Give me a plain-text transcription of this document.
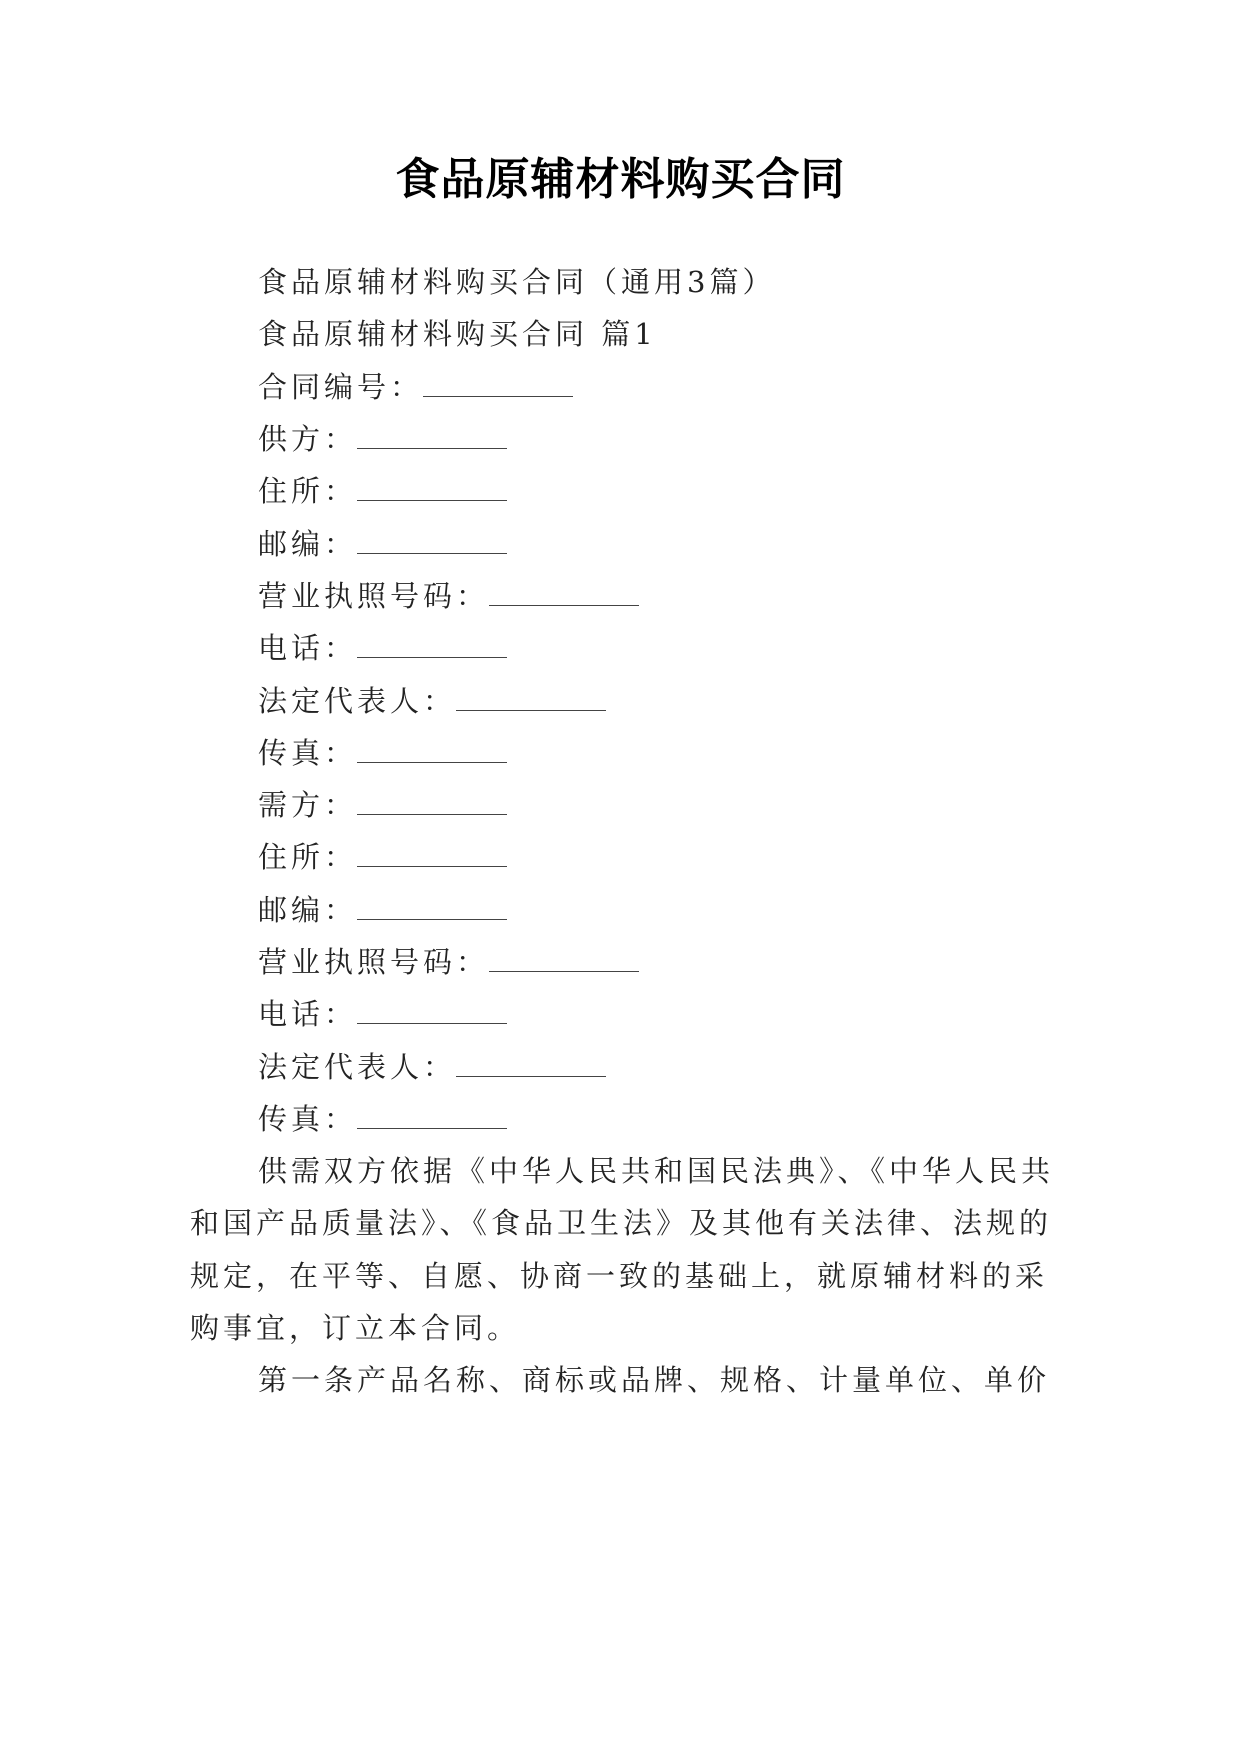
食品原辅材料购买合同
食品原辅材料购买合同（通用3篇）
食品原辅材料购买合同 篇1
合同编号：
供方：
住所：
邮编：
营业执照号码：
电话：
法定代表人：
传真：
需方：
住所：
邮编：
营业执照号码：
电话：
法定代表人：
传真：
供需双方依据《中华人民共和国民法典》、《中华人民共
和国产品质量法》、《食品卫生法》及其他有关法律、法规的
规定，在平等、自愿、协商一致的基础上，就原辅材料的采
购事宜，订立本合同。
第一条产品名称、商标或品牌、规格、计量单位、单价
